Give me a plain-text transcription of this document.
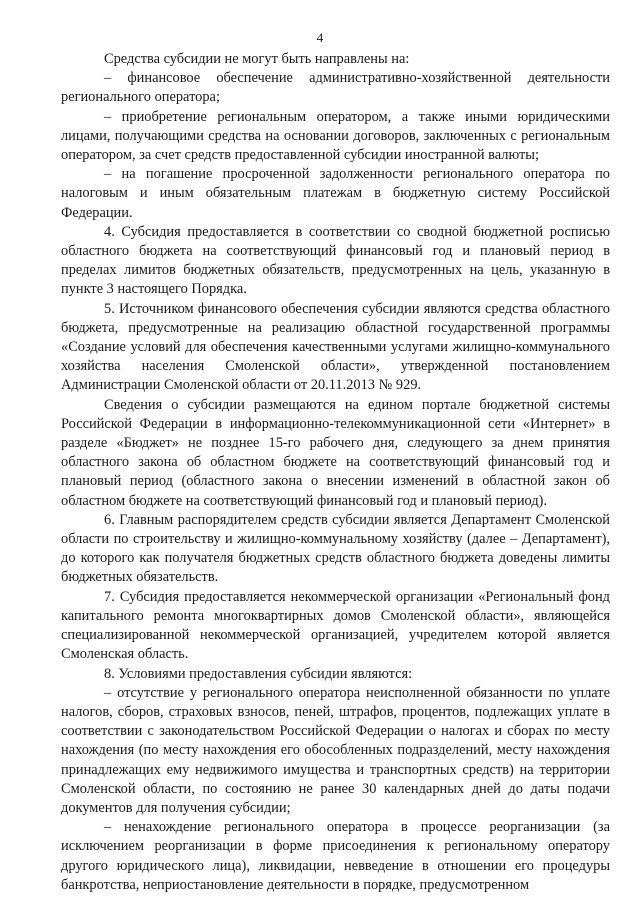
4

Средства субсидии не могут быть направлены на:

– финансовое обеспечение административно-хозяйственной деятельности регионального оператора;

– приобретение региональным оператором, а также иными юридическими лицами, получающими средства на основании договоров, заключенных с региональным оператором, за счет средств предоставленной субсидии иностранной валюты;

– на погашение просроченной задолженности регионального оператора по налоговым и иным обязательным платежам в бюджетную систему Российской Федерации.

4. Субсидия предоставляется в соответствии со сводной бюджетной росписью областного бюджета на соответствующий финансовый год и плановый период в пределах лимитов бюджетных обязательств, предусмотренных на цель, указанную в пункте 3 настоящего Порядка.

5. Источником финансового обеспечения субсидии являются средства областного бюджета, предусмотренные на реализацию областной государственной программы «Создание условий для обеспечения качественными услугами жилищно-коммунального хозяйства населения Смоленской области», утвержденной постановлением Администрации Смоленской области от 20.11.2013 № 929.

Сведения о субсидии размещаются на едином портале бюджетной системы Российской Федерации в информационно-телекоммуникационной сети «Интернет» в разделе «Бюджет» не позднее 15-го рабочего дня, следующего за днем принятия областного закона об областном бюджете на соответствующий финансовый год и плановый период (областного закона о внесении изменений в областной закон об областном бюджете на соответствующий финансовый год и плановый период).

6. Главным распорядителем средств субсидии является Департамент Смоленской области по строительству и жилищно-коммунальному хозяйству (далее – Департамент), до которого как получателя бюджетных средств областного бюджета доведены лимиты бюджетных обязательств.

7. Субсидия предоставляется некоммерческой организации «Региональный фонд капитального ремонта многоквартирных домов Смоленской области», являющейся специализированной некоммерческой организацией, учредителем которой является Смоленская область.

8. Условиями предоставления субсидии являются:

– отсутствие у регионального оператора неисполненной обязанности по уплате налогов, сборов, страховых взносов, пеней, штрафов, процентов, подлежащих уплате в соответствии с законодательством Российской Федерации о налогах и сборах по месту нахождения (по месту нахождения его обособленных подразделений, месту нахождения принадлежащих ему недвижимого имущества и транспортных средств) на территории Смоленской области, по состоянию не ранее 30 календарных дней до даты подачи документов для получения субсидии;

– ненахождение регионального оператора в процессе реорганизации (за исключением реорганизации в форме присоединения к региональному оператору другого юридического лица), ликвидации, невведение в отношении его процедуры банкротства, неприостановление деятельности в порядке, предусмотренном
